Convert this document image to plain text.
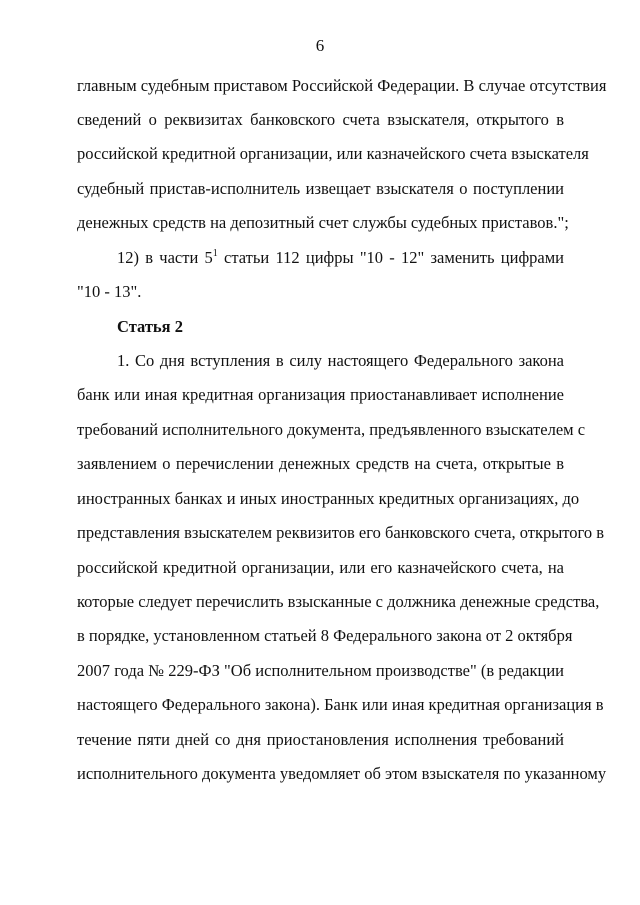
6
главным судебным приставом Российской Федерации. В случае отсутствия
сведений о реквизитах банковского счета взыскателя, открытого в
российской кредитной организации, или казначейского счета взыскателя
судебный пристав-исполнитель извещает взыскателя о поступлении
денежных средств на депозитный счет службы судебных приставов.";
12) в части $5^1$ статьи 112 цифры "10 - 12" заменить цифрами
"10 - 13".
Статья 2
1. Со дня вступления в силу настоящего Федерального закона
банк или иная кредитная организация приостанавливает исполнение
требований исполнительного документа, предъявленного взыскателем с
заявлением о перечислении денежных средств на счета, открытые в
иностранных банках и иных иностранных кредитных организациях, до
представления взыскателем реквизитов его банковского счета, открытого в
российской кредитной организации, или его казначейского счета, на
которые следует перечислить взысканные с должника денежные средства,
в порядке, установленном статьей 8 Федерального закона от 2 октября
2007 года № 229-ФЗ "Об исполнительном производстве" (в редакции
настоящего Федерального закона). Банк или иная кредитная организация в
течение пяти дней со дня приостановления исполнения требований
исполнительного документа уведомляет об этом взыскателя по указанному
